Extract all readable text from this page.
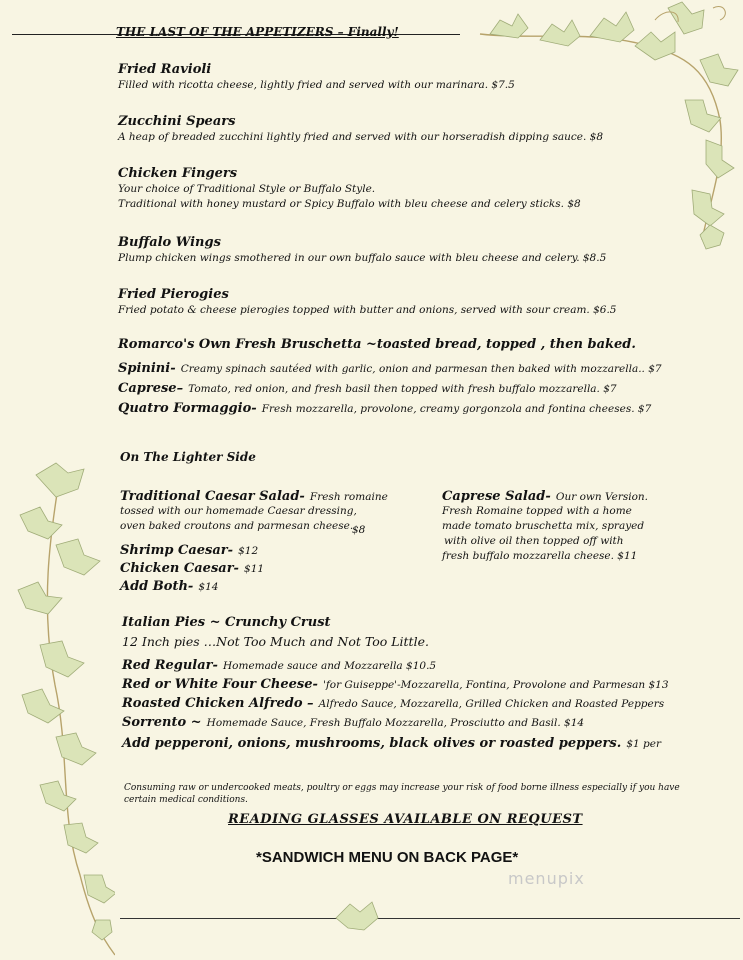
THE LAST OF THE APPETIZERS – Finally!
Fried Ravioli
Filled with ricotta cheese, lightly fried and served with our marinara. $7.5
Zucchini Spears
A heap of breaded zucchini lightly fried and served with our horseradish dipping sauce. $8
Chicken Fingers
Your choice of Traditional Style or Buffalo Style.
Traditional with honey mustard or Spicy Buffalo with bleu cheese and celery sticks. $8
Buffalo Wings
Plump chicken wings smothered in our own buffalo sauce with bleu cheese and celery. $8.5
Fried Pierogies
Fried potato & cheese pierogies topped with butter and onions, served with sour cream. $6.5
Romarco's Own Fresh Bruschetta ~toasted bread, topped , then baked.
Spinini- Creamy spinach sautéed with garlic, onion and parmesan then baked with mozzarella.. $7
Caprese– Tomato, red onion, and fresh basil then topped with fresh buffalo mozzarella. $7
Quatro Formaggio- Fresh mozzarella, provolone, creamy gorgonzola and fontina cheeses. $7
On The Lighter Side
Traditional Caesar Salad- Fresh romaine
tossed with our homemade Caesar dressing,
oven baked croutons and parmesan cheese.
$8
Shrimp Caesar- $12
Chicken Caesar- $11
Add Both- $14
Caprese Salad- Our own Version.
Fresh Romaine topped with a home
made tomato bruschetta mix, sprayed
with olive oil then topped off with
fresh buffalo mozzarella cheese. $11
Italian Pies ~ Crunchy Crust
12 Inch pies …Not Too Much and Not Too Little.
Red Regular- Homemade sauce and Mozzarella $10.5
Red or White Four Cheese- 'for Guiseppe'-Mozzarella, Fontina, Provolone and Parmesan $13
Roasted Chicken Alfredo – Alfredo Sauce, Mozzarella, Grilled Chicken and Roasted Peppers
Sorrento ~ Homemade Sauce, Fresh Buffalo Mozzarella, Prosciutto and Basil. $14
Add pepperoni, onions, mushrooms, black olives or roasted peppers. $1 per
Consuming raw or undercooked meats, poultry or eggs may increase your risk of food borne illness especially if you have certain medical conditions.
READING GLASSES AVAILABLE ON REQUEST
*SANDWICH MENU ON BACK PAGE*
menupix
